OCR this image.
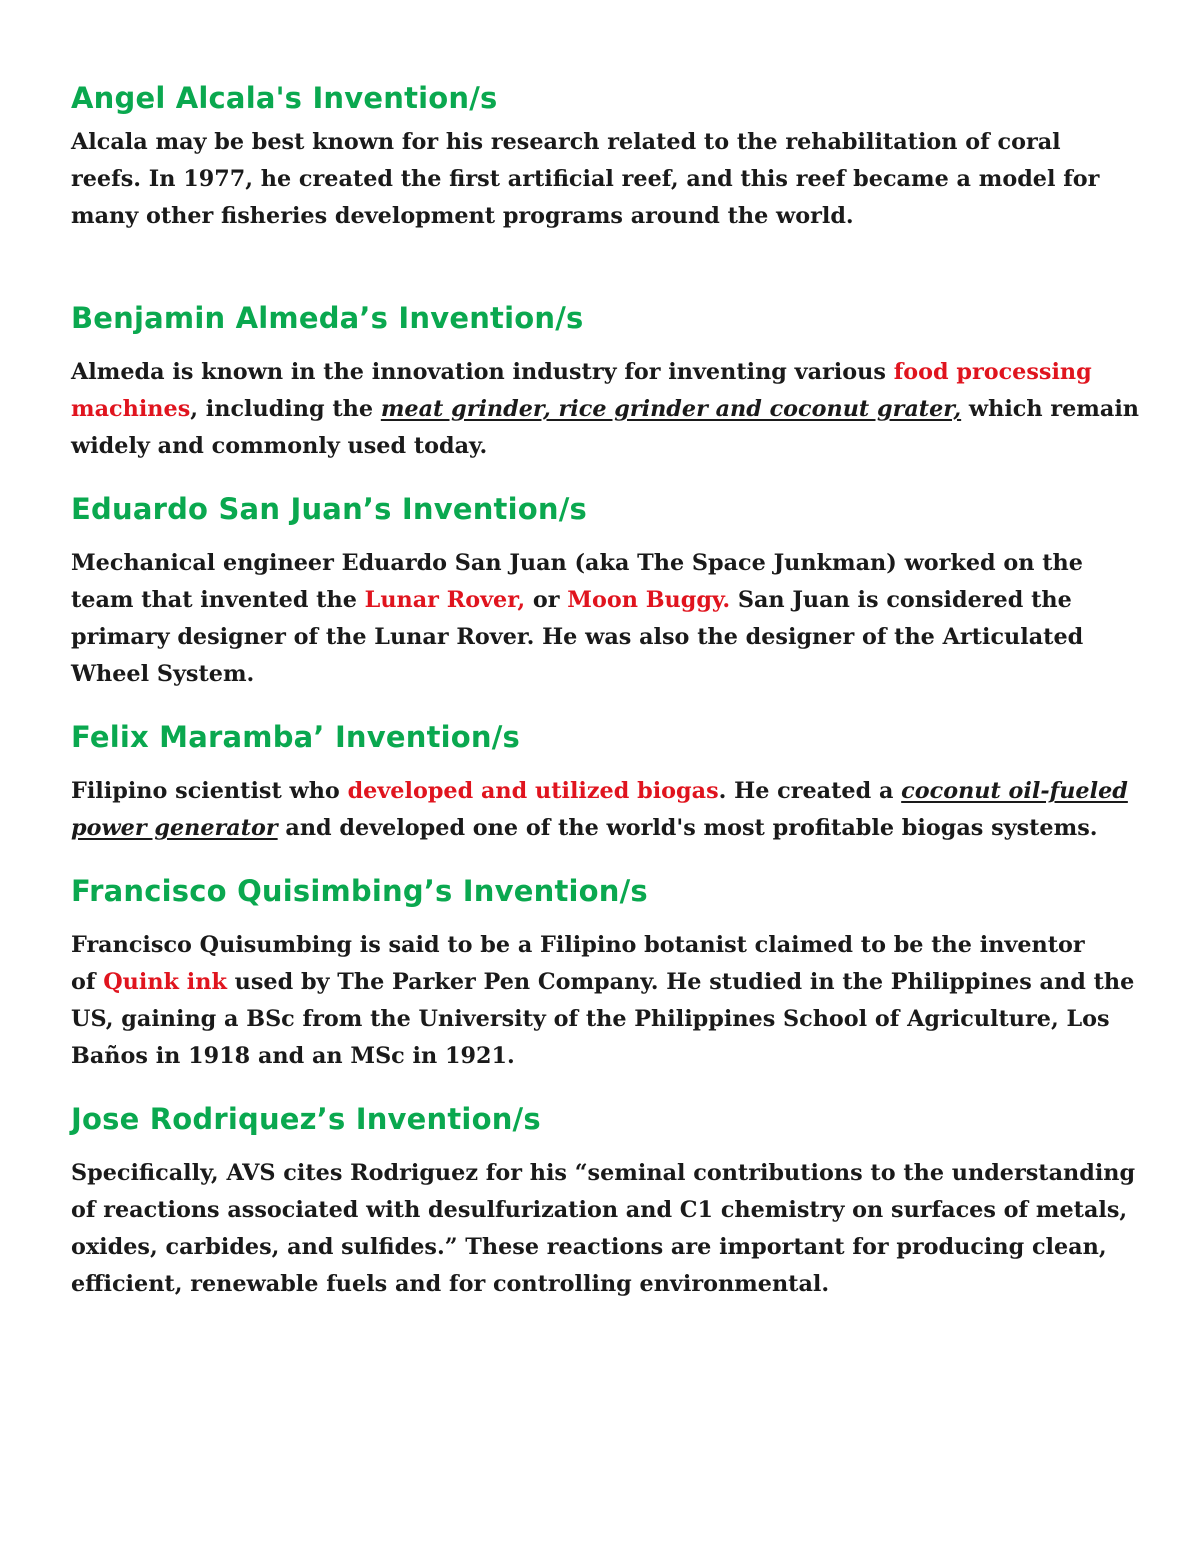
Angel Alcala's Invention/s

Alcala may be best known for his research related to the rehabilitation of coral
reefs. In 1977, he created the first artificial reef, and this reef became a model for
many other fisheries development programs around the world.

Benjamin Almeda’s Invention/s

Almeda is known in the innovation industry for inventing various food processing
machines, including the meat grinder, rice grinder and coconut grater, which remain
widely and commonly used today.

Eduardo San Juan’s Invention/s

Mechanical engineer Eduardo San Juan (aka The Space Junkman) worked on the
team that invented the Lunar Rover, or Moon Buggy. San Juan is considered the
primary designer of the Lunar Rover. He was also the designer of the Articulated
Wheel System.

Felix Maramba’ Invention/s

Filipino scientist who developed and utilized biogas. He created a coconut oil-fueled
power generator and developed one of the world's most profitable biogas systems.

Francisco Quisimbing’s Invention/s

Francisco Quisumbing is said to be a Filipino botanist claimed to be the inventor
of Quink ink used by The Parker Pen Company. He studied in the Philippines and the
US, gaining a BSc from the University of the Philippines School of Agriculture, Los
Baños in 1918 and an MSc in 1921.

Jose Rodriquez’s Invention/s

Specifically, AVS cites Rodriguez for his “seminal contributions to the understanding
of reactions associated with desulfurization and C1 chemistry on surfaces of metals,
oxides, carbides, and sulfides.” These reactions are important for producing clean,
efficient, renewable fuels and for controlling environmental.
